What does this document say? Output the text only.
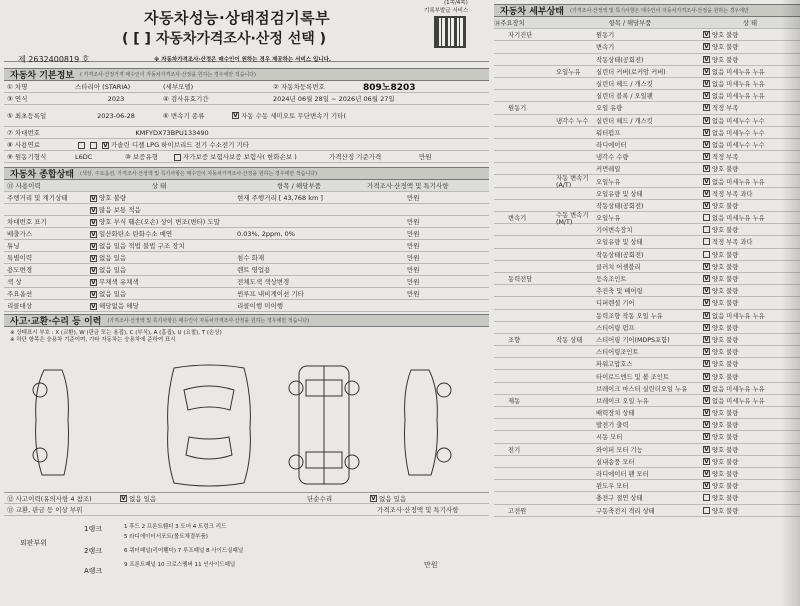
자동차성능·상태점검기록부
( [ ] 자동차가격조사·산정 선택 )
기록부발급 서비스
(1쪽/4쪽)
제 2632400819 호	※ 자동차가격조사·산정은 매수인이 원하는 경우 제공하는 서비스 입니다.
자동차 기본정보 ( 가격조사·산정가격 매수인이 자동차가격조사·산정을 원하는 경우에만 적습니다)
① 차명	스타리아 (STARIA)	(세부모델)	② 자동차등록번호	809노8203
③ 연식	2023	④ 검사유효기간	2024년 06월 28일 ~ 2026년 06월 27일
⑤ 최초등록일	2023-06-28	⑥ 변속기 종류 V	자동 수동 세미오토 무단변속기 기타(
⑦ 차대번호	KMFYDX73BPU133490
⑧ 사용연료 V	가솔린 디젤 LPG 하이브리드 전기 수소전기 기타
⑨ 원동기형식	L6DC	⑩ 보증유형	자가보증 보험사보증 보험사( 한화손보 )	가격산정 기준가격	만원
자동차 종합상태 (색상, 주요옵션, 가격조사·산정액 및 특기사항은 매수인이 자동차가격조사·산정을 원하는 경우에만 적습니다)
⑪ 사용이력	상 태	항목 / 해당부품	가격조사·산정액 및 특기사항
주행거리 및 계기상태 V	양호 불량	현재 주행거리 [ 43,768 km ]	만원
V많음 보통 적음
차대번호 표기 V	양호 부식 훼손(오손) 상이 변조(변타) 도말	만원
배출가스 V	일산화탄소 탄화수소 매연	0.03%, 2ppm, 0%	만원
튜닝 V	없음 있음 적법 불법 구조 장치	만원
특별이력 V	없음 있음	침수 화재	만원
용도변경 V	없음 있음	렌트 영업용	만원
색 상 V	무채색 유채색	전체도색 색상변경	만원
주요옵션 V	없음 있음	썬루프 내비게이션 기타	만원
리콜대상 V	해당없음 해당	리콜이행 미이행
사고·교환·수리 등 이력 (가격조사·산정액 및 특기사항은 매수인이 자동차가격조사·산정을 원하는 경우에만 적습니다)
※ 상태표시 부호 : X (교환), W (판금 또는 용접), C (부식), A (흠집), U (요철), T (손상)
※ 하단 항목은 승용차 기준이며, 기타 자동차는 승용차에 준하여 표시
⑫ 사고이력(유의사항 4 참조) V	없음 있음	단순수리 V	없음 있음
⑬ 교환, 판금 등 이상 부위	가격조사·산정액 및 특기사항
외판부위
1랭크	1 후드 2 프론트휀더 3 도어 4 트렁크 리드
5 라디에이터서포트(볼트체결부품)
2랭크	6 쿼터패널(리어휀더) 7 루프패널 8 사이드실패널
A랭크
9 프론트패널 10 크로스멤버 11 인사이드패널	만원
자동차 세부상태 (가격조사·산정액 및 특기사항은 매수인이 자동차가격조사·산정을 원하는 경우에만
⑭주요장치	항목 / 해당부품	상 태
자기진단	원동기 V	양호 불량
변속기 V	양호 불량
작동상태(공회전) V	양호 불량
오일누유	실린더 커버(로커암 커버) V	없음 미세누유 누유
실린더 헤드 / 개스킷 V	없음 미세누유 누유
실린더 블록 / 오일팬 V	없음 미세누유 누유
원동기	오일 유량 V	적정 부족
냉각수 누수	실린더 헤드 / 개스킷 V	없음 미세누수 누수
워터펌프 V	없음 미세누수 누수
라디에이터 V	없음 미세누수 누수
냉각수 수량 V	적정 부족
커먼레일 V	양호 불량
자동 변속기 (A/T)	오일누유 V	없음 미세누유 누유
오일유량 및 상태 V	적정 부족 과다
작동상태(공회전) V	양호 불량
변속기	수동 변속기 (M/T)	오일누유	없음 미세누유 누유
기어변속장치	양호 불량
오일유량 및 상태	적정 부족 과다
작동상태(공회전)	양호 불량
클러치 어셈블리 V	양호 불량
동력전달	등속조인트 V	양호 불량
추진축 및 베어링 V	양호 불량
디퍼렌셜 기어 V	양호 불량
동력조향 작동 오일 누유 V	없음 미세누유 누유
스티어링 펌프 V	양호 불량
조향	작동 상태	스티어링 기어(MDPS포함) V	양호 불량
스티어링조인트 V	양호 불량
파워고압호스 V	양호 불량
타이로드엔드 및 볼 조인트 V	양호 불량
브레이크 마스터 실린더오일 누유 V	없음 미세누유 누유
제동	브레이크 오일 누유 V	없음 미세누유 누유
배력장치 상태 V	양호 불량
발전기 출력 V	양호 불량
시동 모터 V	양호 불량
전기	와이퍼 모터 기능 V	양호 불량
실내송풍 모터 V	양호 불량
라디에이터 팬 모터 V	양호 불량
윈도우 모터 V	양호 불량
충전구 절연 상태	양호 불량
고전원	구동축전지 격리 상태	양호 불량
